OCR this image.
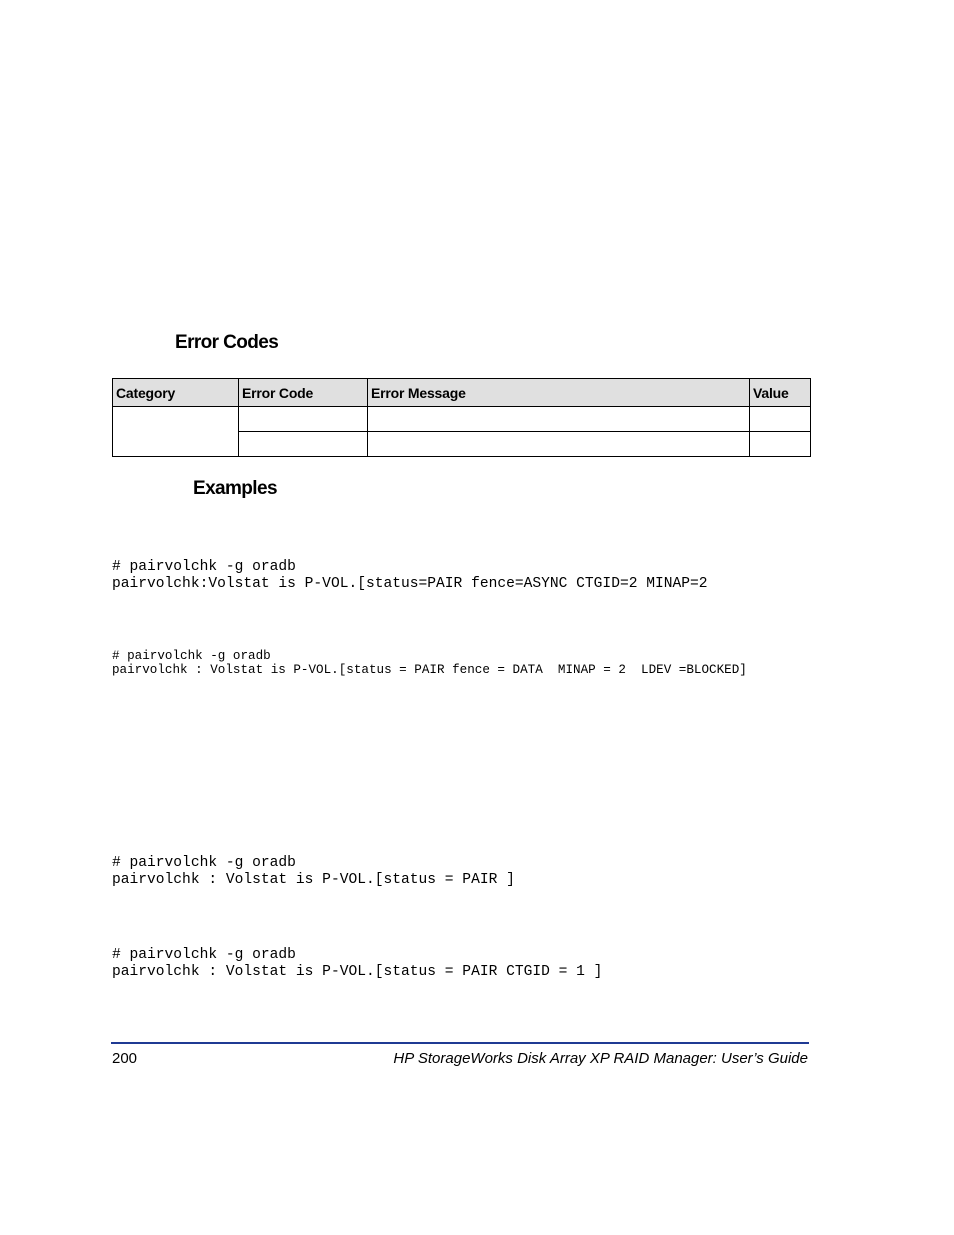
Error Codes
Category	Error Code	Error Message	Value

Examples
# pairvolchk -g oradb
pairvolchk:Volstat is P-VOL.[status=PAIR fence=ASYNC CTGID=2 MINAP=2
# pairvolchk -g oradb
pairvolchk : Volstat is P-VOL.[status = PAIR fence = DATA  MINAP = 2  LDEV =BLOCKED]
# pairvolchk -g oradb
pairvolchk : Volstat is P-VOL.[status = PAIR ]
# pairvolchk -g oradb
pairvolchk : Volstat is P-VOL.[status = PAIR CTGID = 1 ]
200	HP StorageWorks Disk Array XP RAID Manager: User’s Guide
